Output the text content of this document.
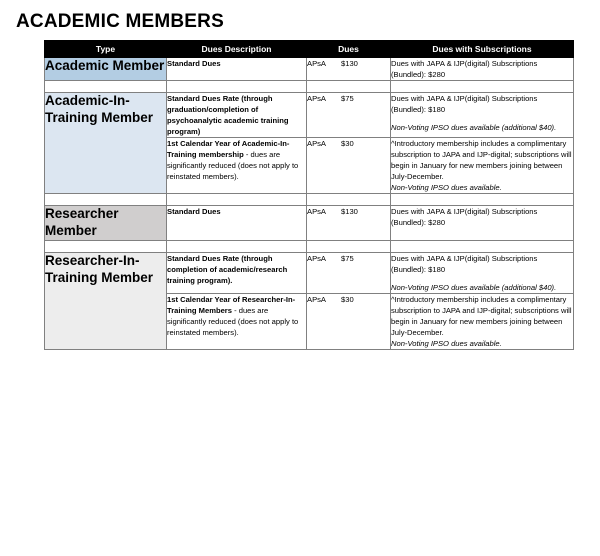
ACADEMIC MEMBERS
Type	Dues Description	Dues	Dues with Subscriptions
Academic Member	Standard Dues	APsA $130	Dues with JAPA & IJP(digital) Subscriptions (Bundled): $280

Academic-In-Training Member	Standard Dues Rate (through graduation/completion of psychoanalytic academic training program)	APsA $75	Dues with JAPA & IJP(digital) Subscriptions (Bundled): $180
Non-Voting IPSO dues available (additional $40).
	1st Calendar Year of Academic-In-Training membership - dues are significantly reduced (does not apply to reinstated members).	APsA $30	^Introductory membership includes a complimentary subscription to JAPA and IJP-digital; subscriptions will begin in January for new members joining between July-December.
Non-Voting IPSO dues available.

Researcher Member	Standard Dues	APsA $130	Dues with JAPA & IJP(digital) Subscriptions (Bundled): $280

Researcher-In-Training Member	Standard Dues Rate (through completion of academic/research training program).	APsA $75	Dues with JAPA & IJP(digital) Subscriptions (Bundled): $180
Non-Voting IPSO dues available (additional $40).
	1st Calendar Year of Researcher-In-Training Members - dues are significantly reduced (does not apply to reinstated members).	APsA $30	^Introductory membership includes a complimentary subscription to JAPA and IJP-digital; subscriptions will begin in January for new members joining between July-December.
Non-Voting IPSO dues available.
